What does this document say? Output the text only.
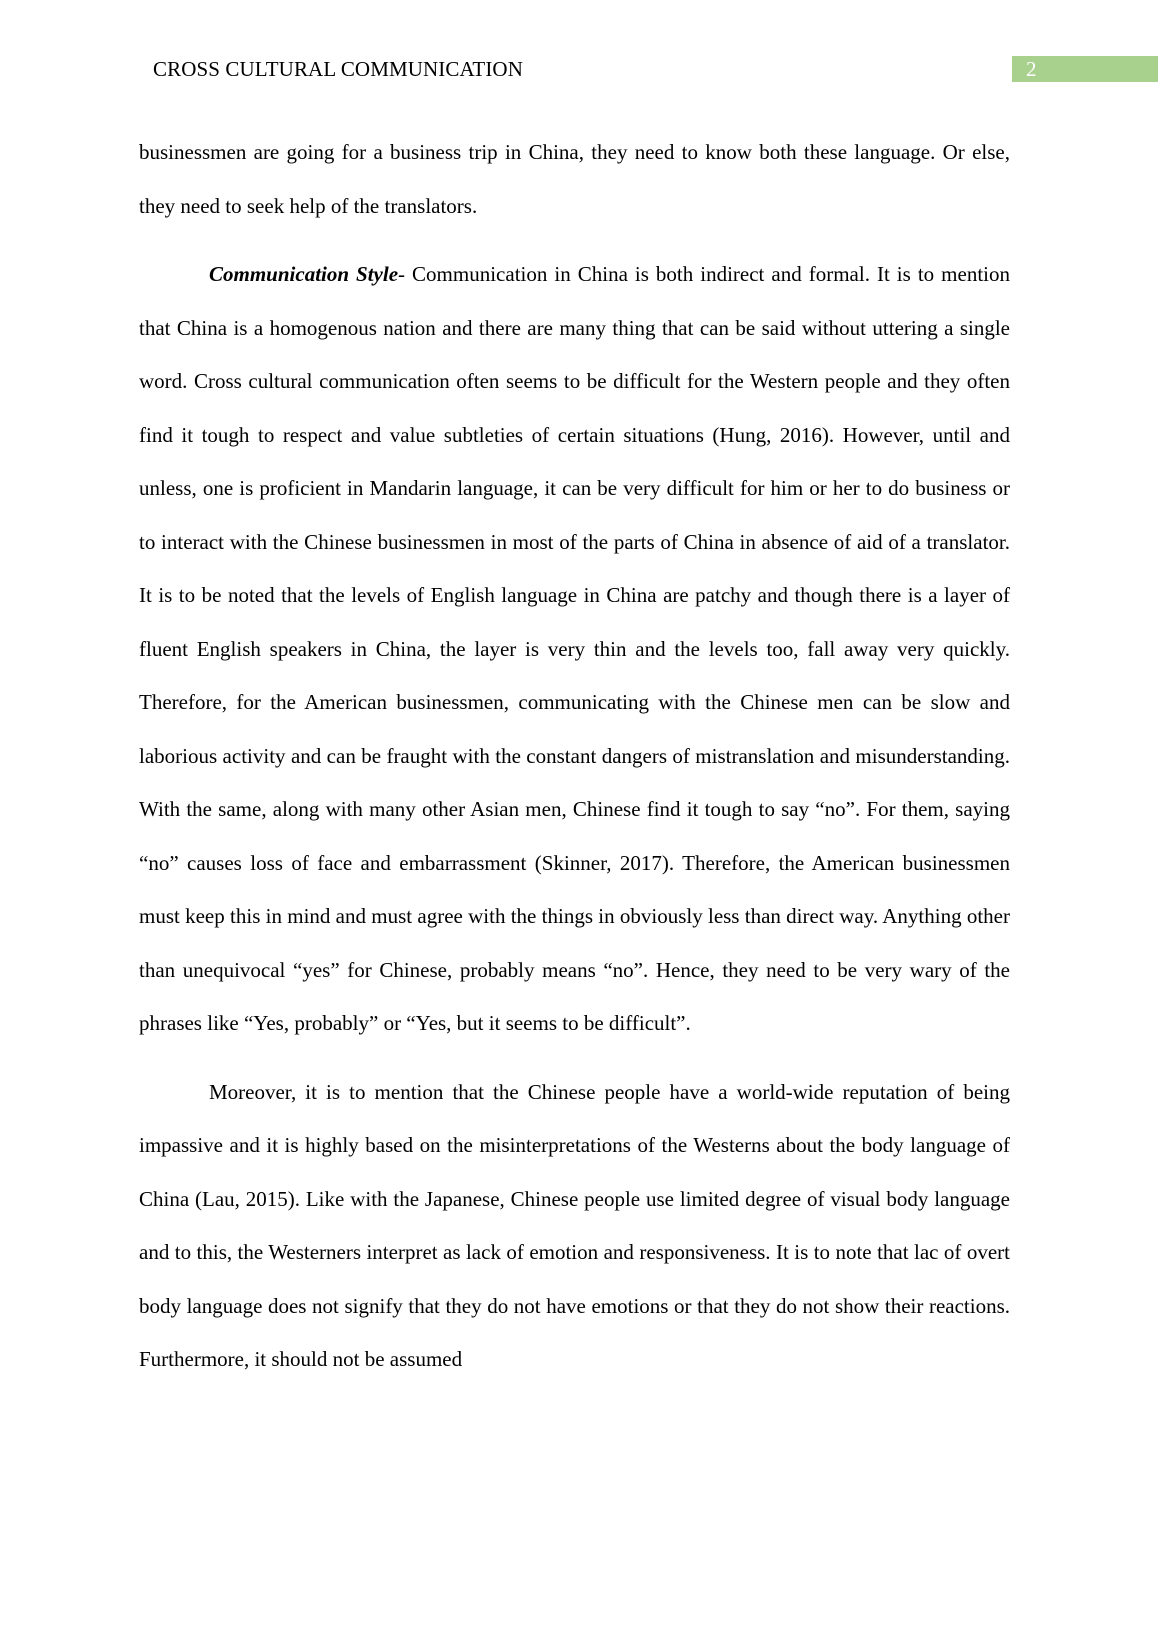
CROSS CULTURAL COMMUNICATION	2

businessmen are going for a business trip in China, they need to know both these language. Or else, they need to seek help of the translators.

Communication Style- Communication in China is both indirect and formal. It is to mention that China is a homogenous nation and there are many thing that can be said without uttering a single word. Cross cultural communication often seems to be difficult for the Western people and they often find it tough to respect and value subtleties of certain situations (Hung, 2016). However, until and unless, one is proficient in Mandarin language, it can be very difficult for him or her to do business or to interact with the Chinese businessmen in most of the parts of China in absence of aid of a translator. It is to be noted that the levels of English language in China are patchy and though there is a layer of fluent English speakers in China, the layer is very thin and the levels too, fall away very quickly. Therefore, for the American businessmen, communicating with the Chinese men can be slow and laborious activity and can be fraught with the constant dangers of mistranslation and misunderstanding. With the same, along with many other Asian men, Chinese find it tough to say “no”. For them, saying “no” causes loss of face and embarrassment (Skinner, 2017). Therefore, the American businessmen must keep this in mind and must agree with the things in obviously less than direct way. Anything other than unequivocal “yes” for Chinese, probably means “no”. Hence, they need to be very wary of the phrases like “Yes, probably” or “Yes, but it seems to be difficult”.

Moreover, it is to mention that the Chinese people have a world-wide reputation of being impassive and it is highly based on the misinterpretations of the Westerns about the body language of China (Lau, 2015). Like with the Japanese, Chinese people use limited degree of visual body language and to this, the Westerners interpret as lack of emotion and responsiveness. It is to note that lac of overt body language does not signify that they do not have emotions or that they do not show their reactions. Furthermore, it should not be assumed
